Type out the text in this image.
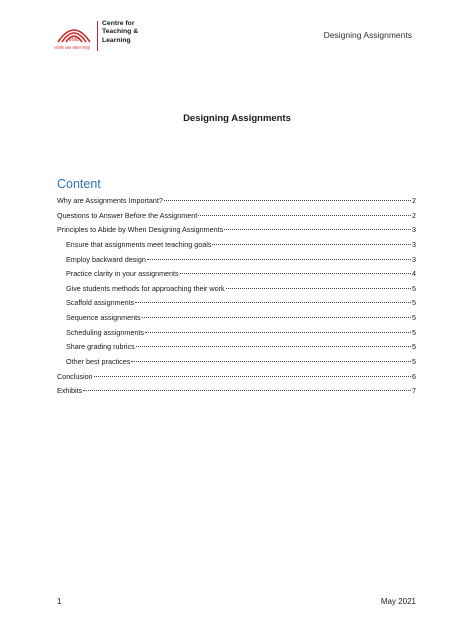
IIMB
भारतीय प्रबंध संस्थान बेंगलूर
Centre for
Teaching &
Learning
Designing Assignments
Designing Assignments
Content
Why are Assignments Important?	2
Questions to Answer Before the Assignment	2
Principles to Abide by When Designing Assignments	3
Ensure that assignments meet teaching goals	3
Employ backward design	3
Practice clarity in your assignments	4
Give students methods for approaching their work	5
Scaffold assignments	5
Sequence assignments	5
Scheduling assignments	5
Share grading rubrics	5
Other best practices	5
Conclusion	6
Exhibits	7
1	May 2021
